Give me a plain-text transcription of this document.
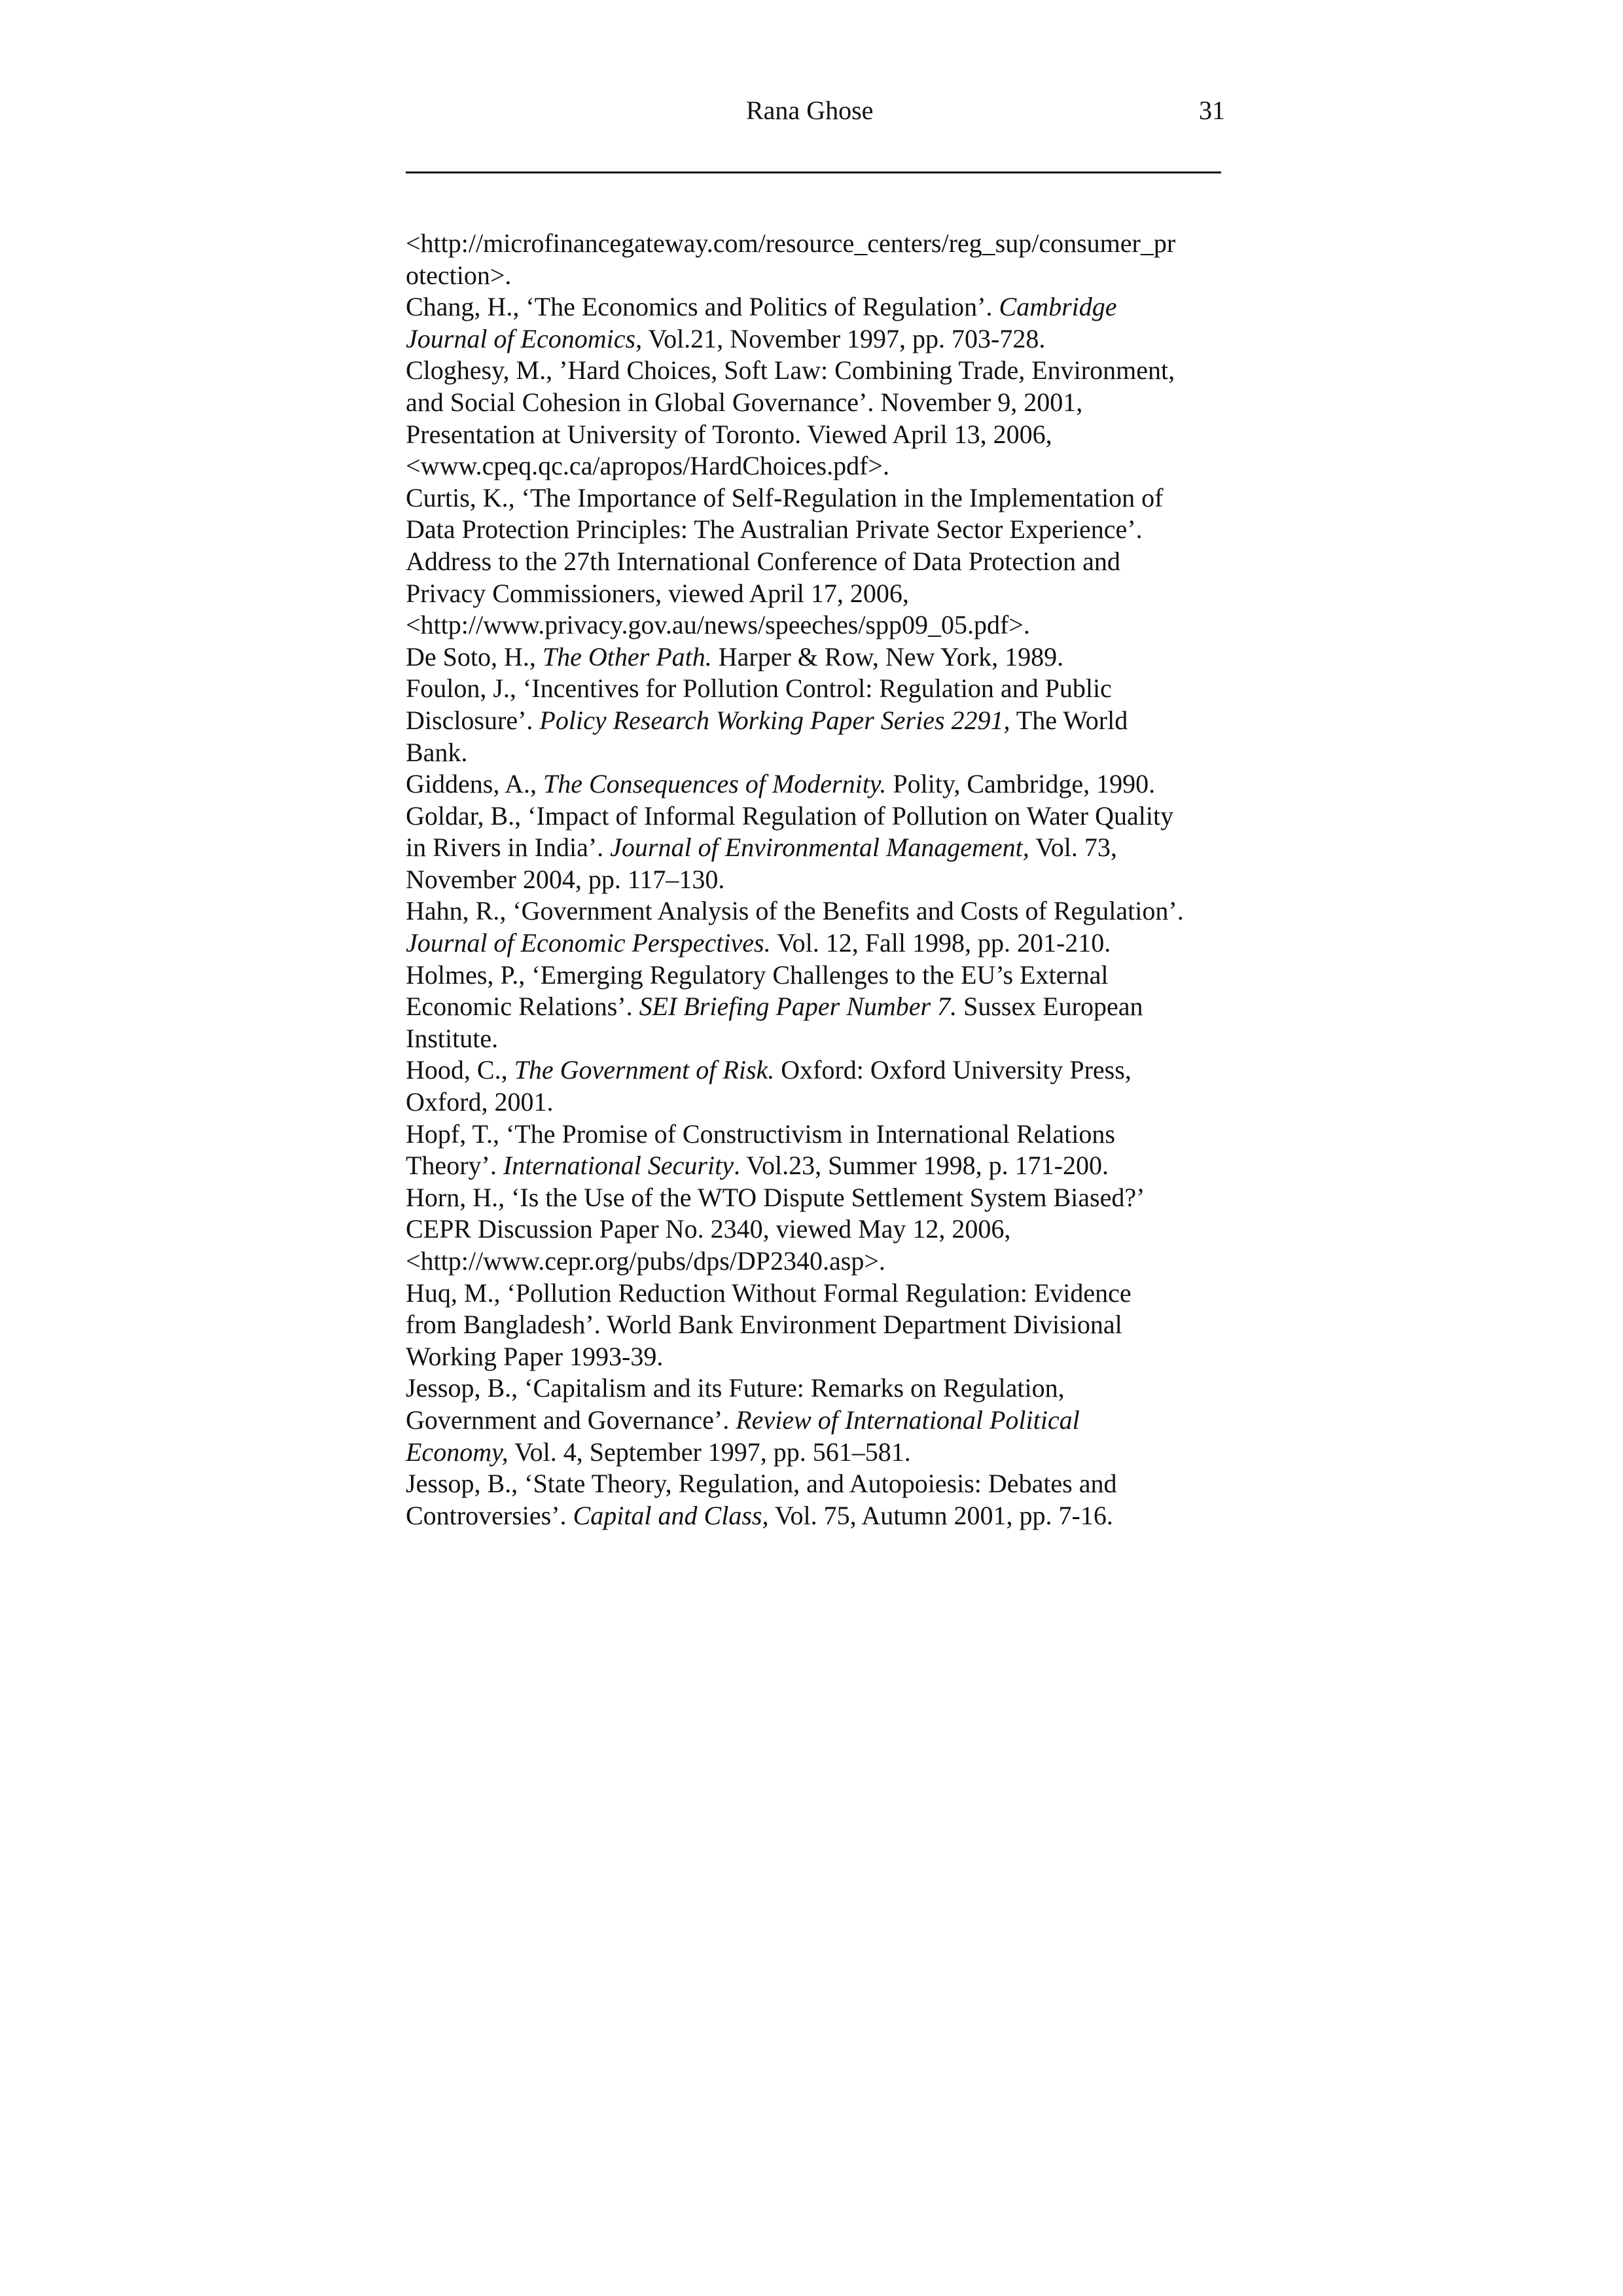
Rana Ghose	31
<http://microfinancegateway.com/resource_centers/reg_sup/consumer_pr
otection>.
Chang, H., ‘The Economics and Politics of Regulation’. Cambridge
Journal of Economics, Vol.21, November 1997, pp. 703-728.
Cloghesy, M., ’Hard Choices, Soft Law: Combining Trade, Environment,
and Social Cohesion in Global Governance’. November 9, 2001,
Presentation at University of Toronto. Viewed April 13, 2006,
<www.cpeq.qc.ca/apropos/HardChoices.pdf>.
Curtis, K., ‘The Importance of Self-Regulation in the Implementation of
Data Protection Principles: The Australian Private Sector Experience’.
Address to the 27th International Conference of Data Protection and
Privacy Commissioners, viewed April 17, 2006,
<http://www.privacy.gov.au/news/speeches/spp09_05.pdf>.
De Soto, H., The Other Path. Harper & Row, New York, 1989.
Foulon, J., ‘Incentives for Pollution Control: Regulation and Public
Disclosure’. Policy Research Working Paper Series 2291, The World
Bank.
Giddens, A., The Consequences of Modernity. Polity, Cambridge, 1990.
Goldar, B., ‘Impact of Informal Regulation of Pollution on Water Quality
in Rivers in India’. Journal of Environmental Management, Vol. 73,
November 2004, pp. 117–130.
Hahn, R., ‘Government Analysis of the Benefits and Costs of Regulation’.
Journal of Economic Perspectives. Vol. 12, Fall 1998, pp. 201-210.
Holmes, P., ‘Emerging Regulatory Challenges to the EU’s External
Economic Relations’. SEI Briefing Paper Number 7. Sussex European
Institute.
Hood, C., The Government of Risk. Oxford: Oxford University Press,
Oxford, 2001.
Hopf, T., ‘The Promise of Constructivism in International Relations
Theory’. International Security. Vol.23, Summer 1998, p. 171-200.
Horn, H., ‘Is the Use of the WTO Dispute Settlement System Biased?’
CEPR Discussion Paper No. 2340, viewed May 12, 2006,
<http://www.cepr.org/pubs/dps/DP2340.asp>.
Huq, M., ‘Pollution Reduction Without Formal Regulation: Evidence
from Bangladesh’. World Bank Environment Department Divisional
Working Paper 1993-39.
Jessop, B., ‘Capitalism and its Future: Remarks on Regulation,
Government and Governance’. Review of International Political
Economy, Vol. 4, September 1997, pp. 561–581.
Jessop, B., ‘State Theory, Regulation, and Autopoiesis: Debates and
Controversies’. Capital and Class, Vol. 75, Autumn 2001, pp. 7-16.
